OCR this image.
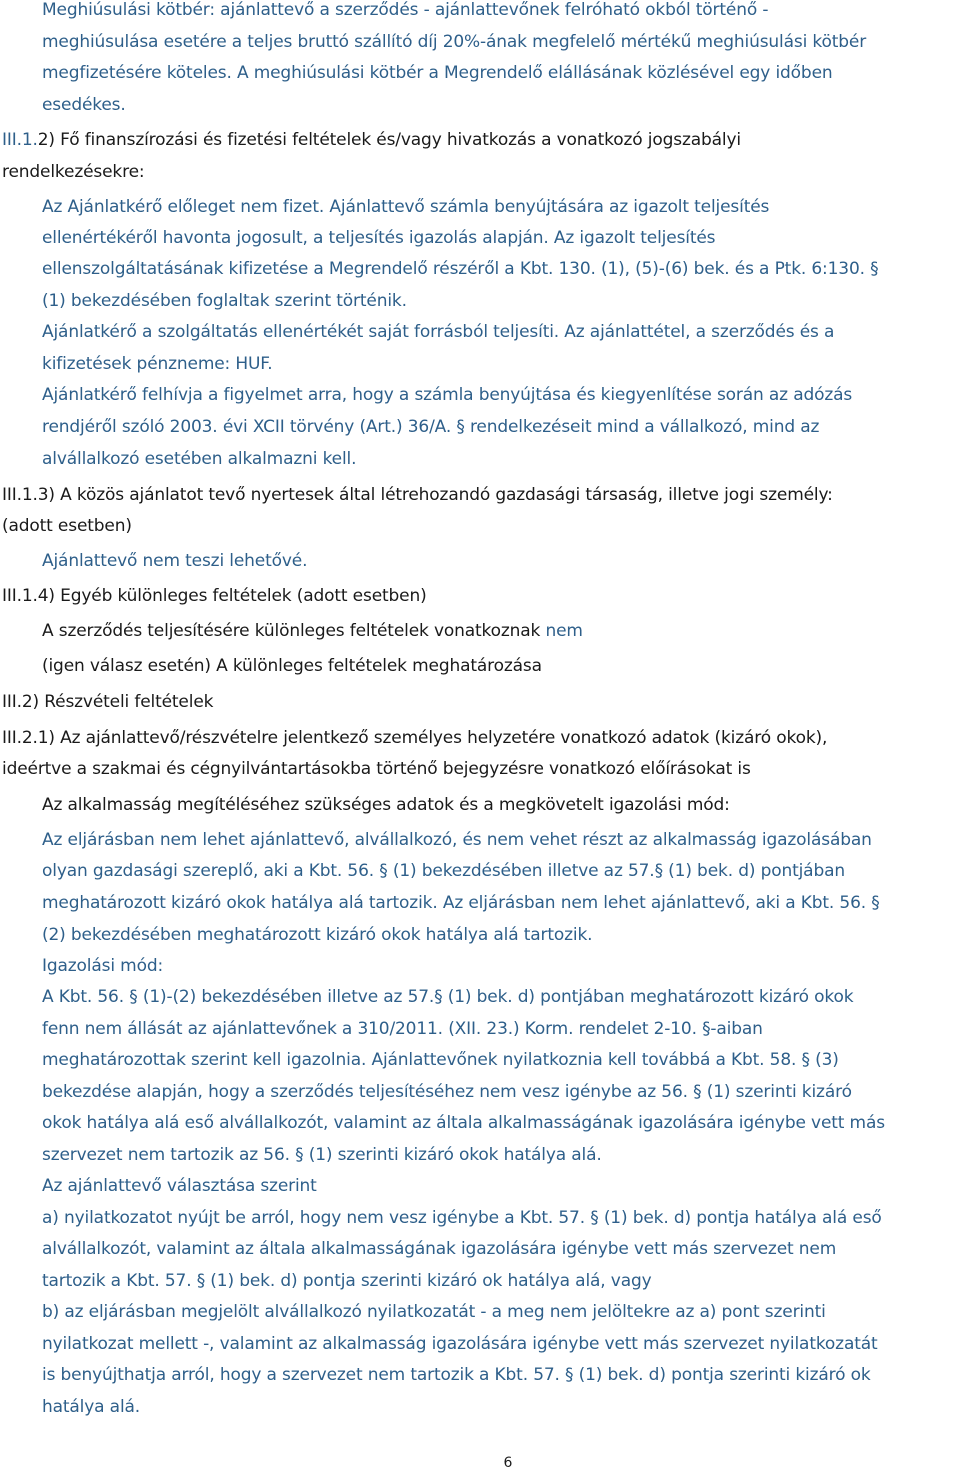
Meghiúsulási kötbér: ajánlattevő a szerződés - ajánlattevőnek felróható okból történő -
meghiúsulása esetére a teljes bruttó szállító díj 20%-ának megfelelő mértékű meghiúsulási kötbér
megfizetésére köteles. A meghiúsulási kötbér a Megrendelő elállásának közlésével egy időben
esedékes.
III.1.2) Fő finanszírozási és fizetési feltételek és/vagy hivatkozás a vonatkozó jogszabályi
rendelkezésekre:
Az Ajánlatkérő előleget nem fizet. Ajánlattevő számla benyújtására az igazolt teljesítés
ellenértékéről havonta jogosult, a teljesítés igazolás alapján. Az igazolt teljesítés
ellenszolgáltatásának kifizetése a Megrendelő részéről a Kbt. 130. (1), (5)-(6) bek. és a Ptk. 6:130. §
(1) bekezdésében foglaltak szerint történik.
Ajánlatkérő a szolgáltatás ellenértékét saját forrásból teljesíti. Az ajánlattétel, a szerződés és a
kifizetések pénzneme: HUF.
Ajánlatkérő felhívja a figyelmet arra, hogy a számla benyújtása és kiegyenlítése során az adózás
rendjéről szóló 2003. évi XCII törvény (Art.) 36/A. § rendelkezéseit mind a vállalkozó, mind az
alvállalkozó esetében alkalmazni kell.
III.1.3) A közös ajánlatot tevő nyertesek által létrehozandó gazdasági társaság, illetve jogi személy:
(adott esetben)
Ajánlattevő nem teszi lehetővé.
III.1.4) Egyéb különleges feltételek (adott esetben)
A szerződés teljesítésére különleges feltételek vonatkoznak nem
(igen válasz esetén) A különleges feltételek meghatározása
III.2) Részvételi feltételek
III.2.1) Az ajánlattevő/részvételre jelentkező személyes helyzetére vonatkozó adatok (kizáró okok),
ideértve a szakmai és cégnyilvántartásokba történő bejegyzésre vonatkozó előírásokat is
Az alkalmasság megítéléséhez szükséges adatok és a megkövetelt igazolási mód:
Az eljárásban nem lehet ajánlattevő, alvállalkozó, és nem vehet részt az alkalmasság igazolásában
olyan gazdasági szereplő, aki a Kbt. 56. § (1) bekezdésében illetve az 57.§ (1) bek. d) pontjában
meghatározott kizáró okok hatálya alá tartozik. Az eljárásban nem lehet ajánlattevő, aki a Kbt. 56. §
(2) bekezdésében meghatározott kizáró okok hatálya alá tartozik.
Igazolási mód:
A Kbt. 56. § (1)-(2) bekezdésében illetve az 57.§ (1) bek. d) pontjában meghatározott kizáró okok
fenn nem állását az ajánlattevőnek a 310/2011. (XII. 23.) Korm. rendelet 2-10. §-aiban
meghatározottak szerint kell igazolnia. Ajánlattevőnek nyilatkoznia kell továbbá a Kbt. 58. § (3)
bekezdése alapján, hogy a szerződés teljesítéséhez nem vesz igénybe az 56. § (1) szerinti kizáró
okok hatálya alá eső alvállalkozót, valamint az általa alkalmasságának igazolására igénybe vett más
szervezet nem tartozik az 56. § (1) szerinti kizáró okok hatálya alá.
Az ajánlattevő választása szerint
a) nyilatkozatot nyújt be arról, hogy nem vesz igénybe a Kbt. 57. § (1) bek. d) pontja hatálya alá eső
alvállalkozót, valamint az általa alkalmasságának igazolására igénybe vett más szervezet nem
tartozik a Kbt. 57. § (1) bek. d) pontja szerinti kizáró ok hatálya alá, vagy
b) az eljárásban megjelölt alvállalkozó nyilatkozatát - a meg nem jelöltekre az a) pont szerinti
nyilatkozat mellett -, valamint az alkalmasság igazolására igénybe vett más szervezet nyilatkozatát
is benyújthatja arról, hogy a szervezet nem tartozik a Kbt. 57. § (1) bek. d) pontja szerinti kizáró ok
hatálya alá.
6
